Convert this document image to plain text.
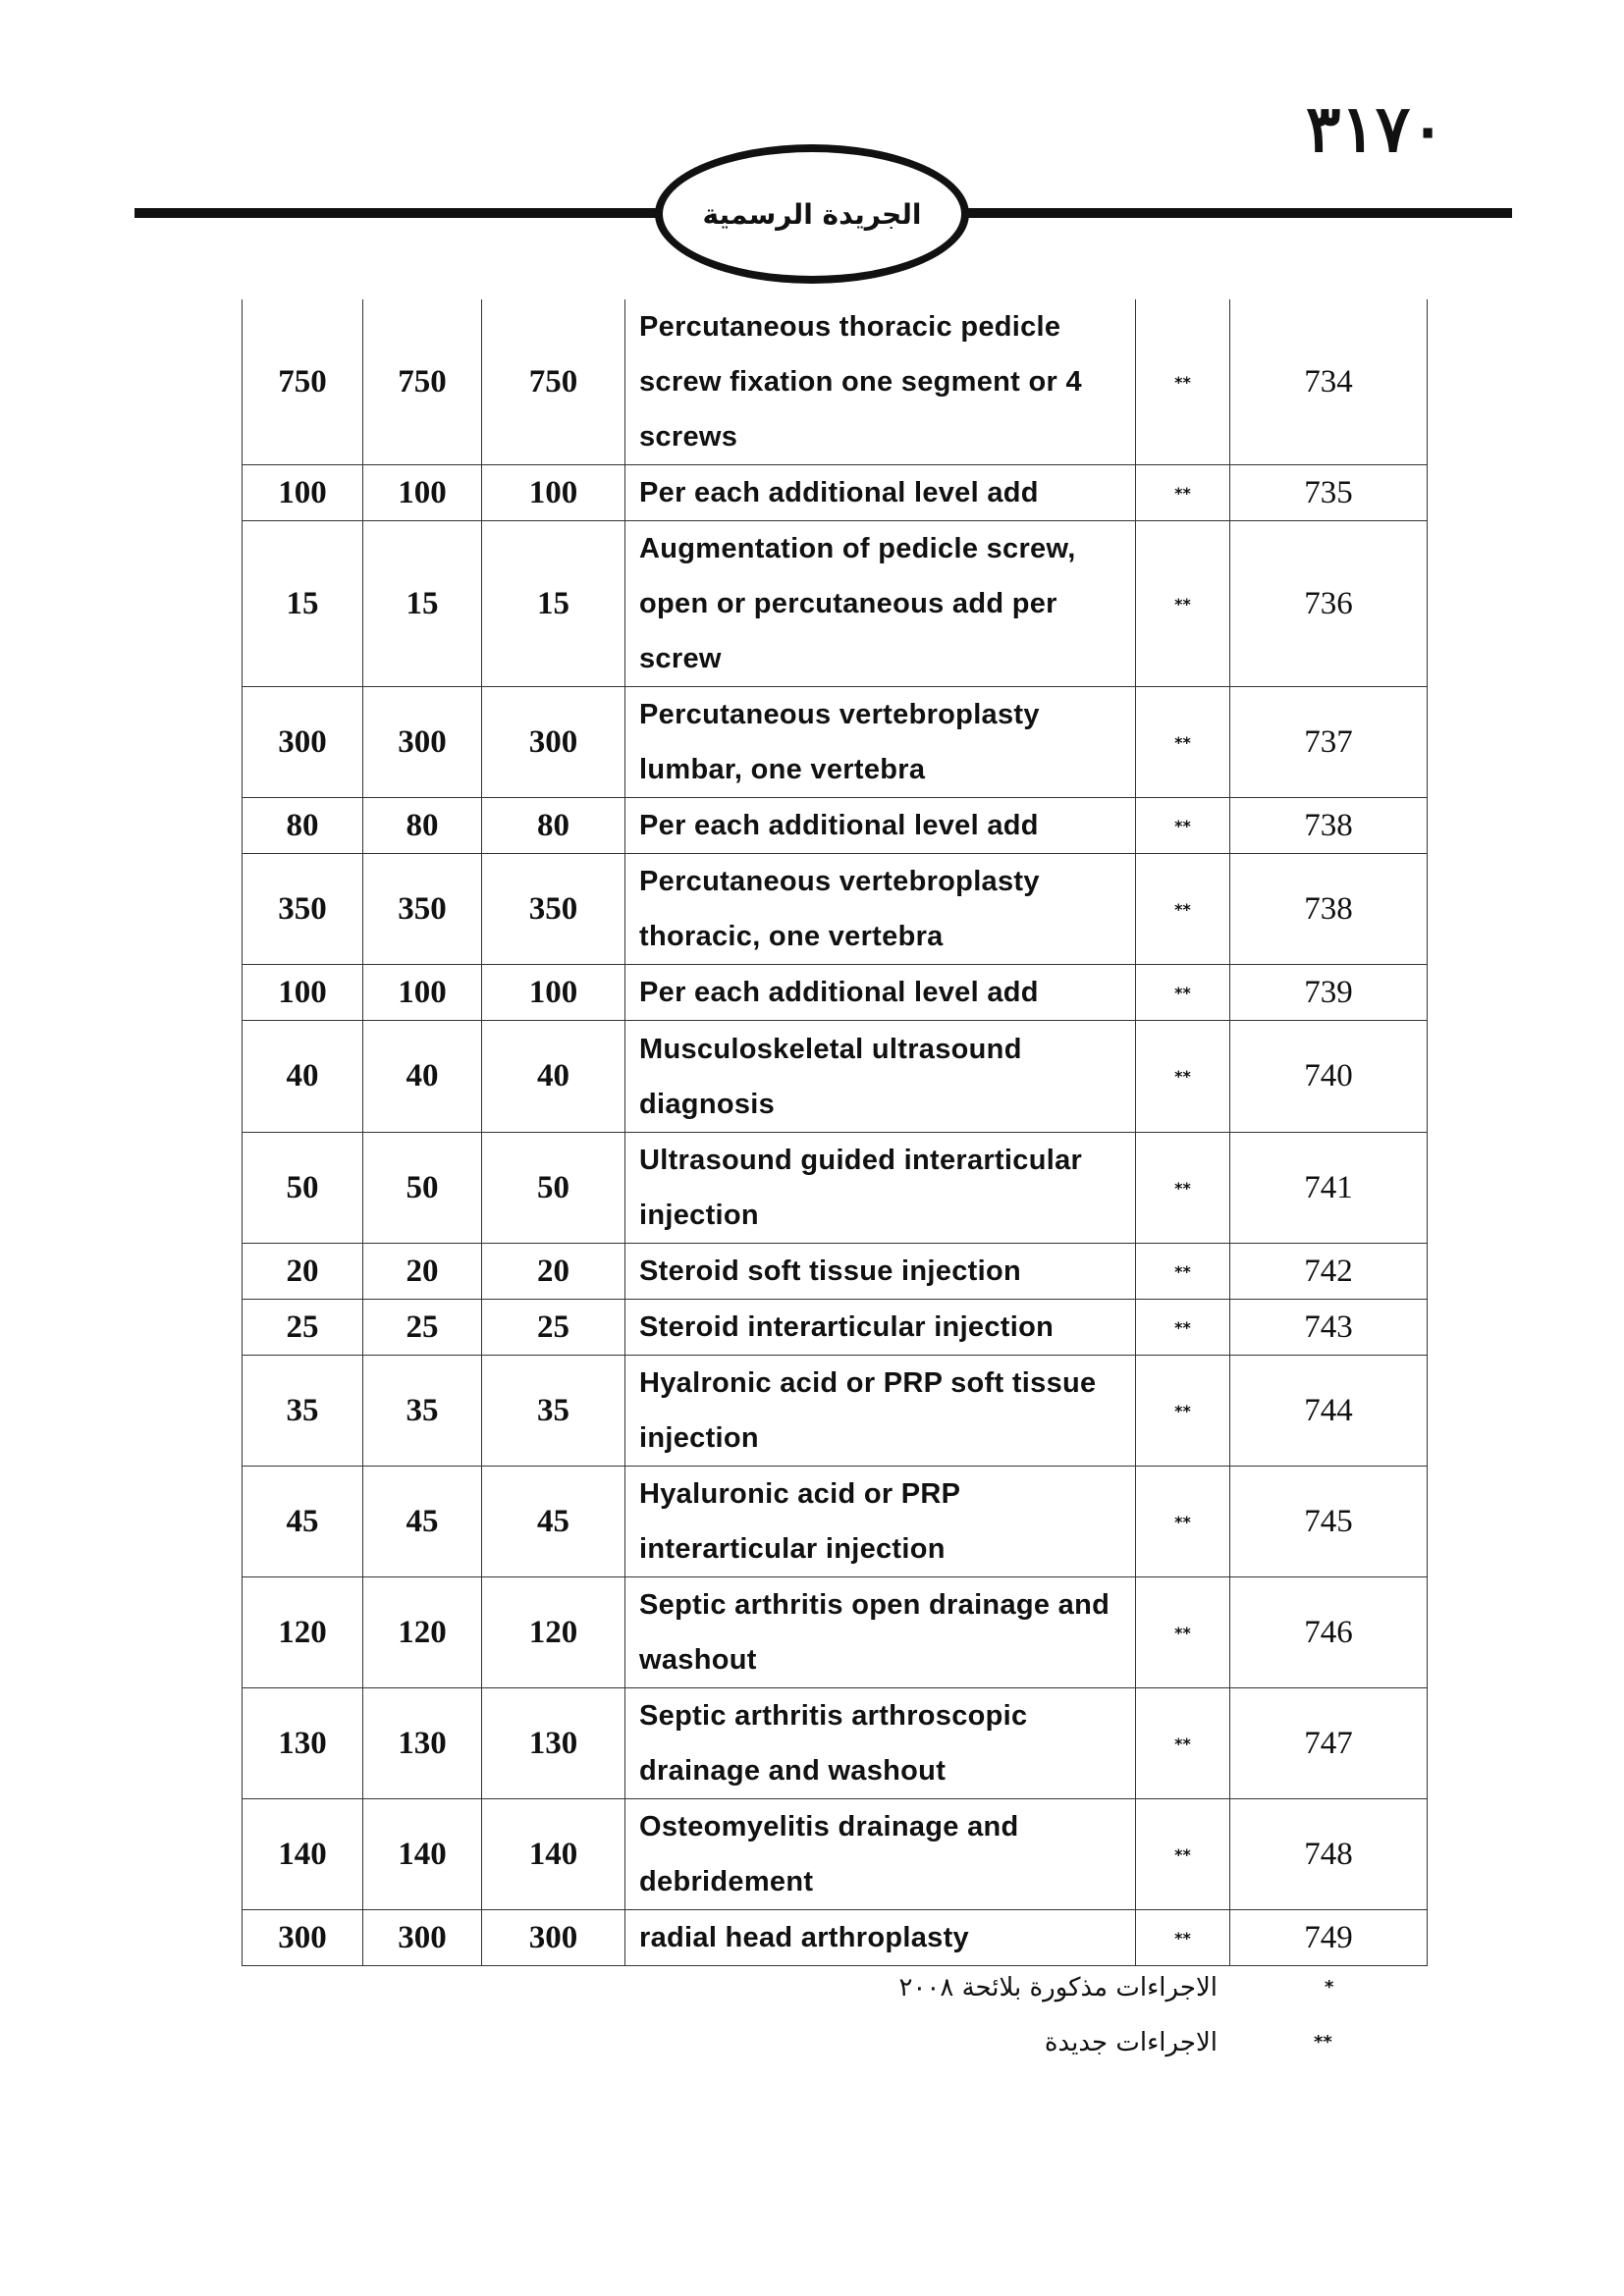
٣١٧٠
الجريدة الرسمية
750	750	750	Percutaneous thoracic pedicle screw fixation one segment or 4 screws	**	734
100	100	100	Per each additional level add	**	735
15	15	15	Augmentation of pedicle screw, open or percutaneous add per screw	**	736
300	300	300	Percutaneous vertebroplasty lumbar, one vertebra	**	737
80	80	80	Per each additional level add	**	738
350	350	350	Percutaneous vertebroplasty thoracic, one vertebra	**	738
100	100	100	Per each additional level add	**	739
40	40	40	Musculoskeletal ultrasound diagnosis	**	740
50	50	50	Ultrasound guided interarticular injection	**	741
20	20	20	Steroid soft tissue injection	**	742
25	25	25	Steroid interarticular injection	**	743
35	35	35	Hyalronic acid or PRP soft tissue injection	**	744
45	45	45	Hyaluronic acid or PRP interarticular injection	**	745
120	120	120	Septic arthritis open drainage and washout	**	746
130	130	130	Septic arthritis arthroscopic drainage and washout	**	747
140	140	140	Osteomyelitis drainage and debridement	**	748
300	300	300	radial head arthroplasty	**	749
*
الاجراءات مذكورة بلائحة ٢٠٠٨
**
الاجراءات جديدة
